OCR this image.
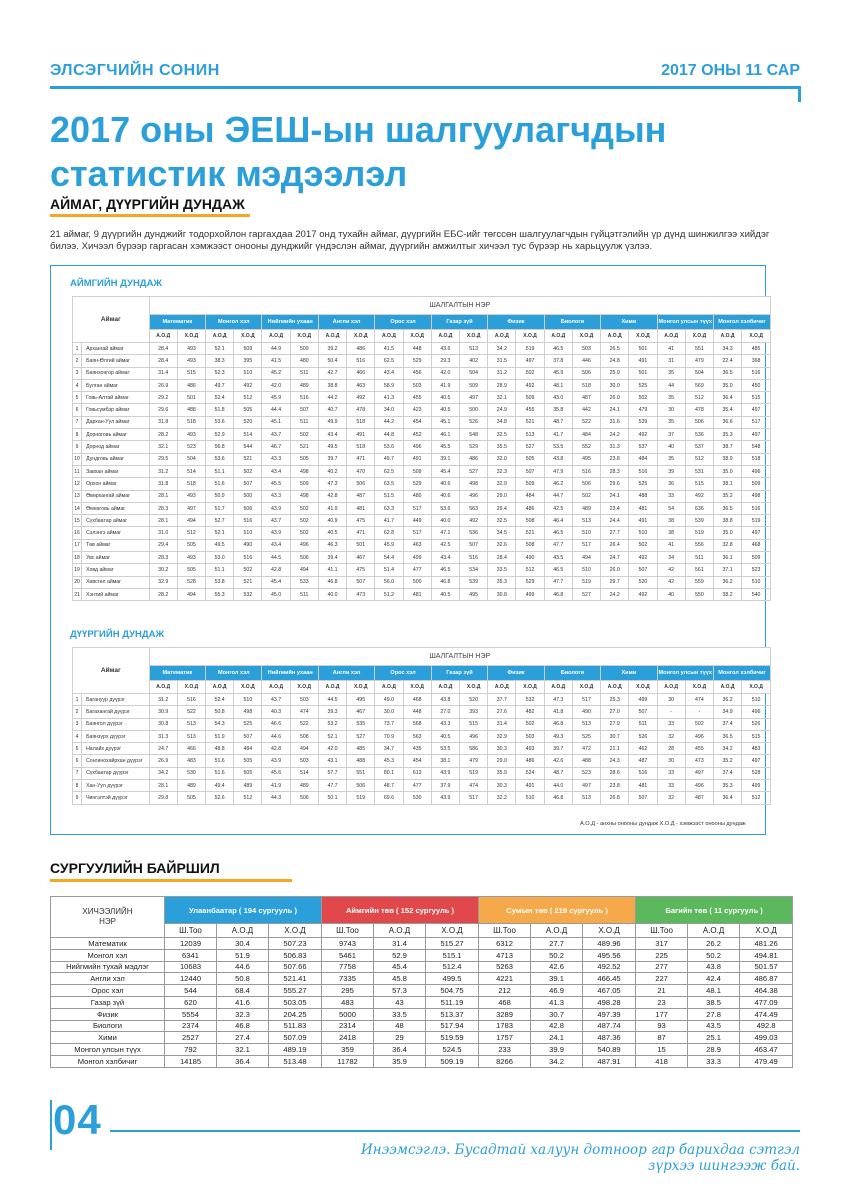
ЭЛСЭГЧИЙН СОНИН	2017 ОНЫ 11 САР
2017 оны ЭЕШ-ын шалгуулагчдын
статистик мэдээлэл
АЙМАГ, ДҮҮРГИЙН ДУНДАЖ
21 аймаг, 9 дүүргийн дунджийг тодорхойлон гаргахдаа 2017 онд тухайн аймаг, дүүргийн ЕБС-ийг төгссөн шалгуулагчдын гүйцэтгэлийн үр дүнд шинжилгээ хийдэг билээ. Хичээл бүрээр гаргасан хэмжээст онооны дунджийг үндэслэн аймаг, дүүргийн амжилтыг хичээл тус бүрээр нь харьцуулж үзлээ.
АЙМГИЙН ДУНДАЖ
Аймаг		ШАЛГАЛТЫН НЭР																					
		Математик		Монгол хэл		Нийгмийн ухаан		Англи хэл		Орос хэл		Газар зүй		Физик		Биологи		Хими		Монгол улсын түүх		Монгол хэлбичиг	
		А.О.Д	Х.О.Д	А.О.Д	Х.О.Д	А.О.Д	Х.О.Д	А.О.Д	Х.О.Д	А.О.Д	Х.О.Д	А.О.Д	Х.О.Д	А.О.Д	Х.О.Д	А.О.Д	Х.О.Д	А.О.Д	Х.О.Д	А.О.Д	Х.О.Д	А.О.Д	Х.О.Д
1	Архангай аймаг	28.4	493	52.1	509	44.9	509	39.2	486	41.5	448	43.6	513	34.2	519	46.5	503	26.5	501	41	551	34.3	485
2	Баян-Өлгий аймаг	28.4	493	38.3	395	41.5	480	50.4	516	62.5	529	29.3	402	31.5	497	37.8	446	24.8	491	31	479	22.4	368
3	Баянхонгор аймаг	31.4	515	52.3	510	45.2	511	42.7	466	43.4	456	42.0	504	31.2	502	45.9	506	25.9	501	35	504	36.5	516
4	Булган аймаг	26.9	486	49.7	492	42.0	489	38.8	463	58.9	503	41.9	509	28.9	492	48.1	518	30.0	525	44	569	35.0	450
5	Говь-Алтай аймаг	29.2	501	52.4	512	45.9	516	44.2	492	41.3	455	40.5	497	32.1	509	43.0	487	26.0	502	35	512	36.4	515
6	Говьсүмбэр аймаг	29.6	488	51.8	505	44.4	507	40.7	478	34.0	423	40.5	500	24.9	455	35.8	442	24.1	479	30	478	35.4	497
7	Дархан-Уул аймаг	31.8	518	53.6	520	45.1	511	49.9	518	44.2	454	45.1	526	34.8	521	48.7	522	31.6	539	35	506	36.6	517
8	Дорноговь аймаг	28.2	493	52.9	514	43.7	502	43.4	491	44.8	452	46.1	548	32.5	513	41.7	484	24.2	492	37	536	35.3	497
9	Дорнод аймаг	32.1	523	56.8	544	46.7	521	49.5	518	53.6	496	45.5	529	35.5	527	53.5	552	31.3	537	40	537	38.7	548
10	Дундговь аймаг	29.5	504	53.6	521	43.3	505	39.7	471	49.7	491	39.1	486	32.0	505	43.8	495	23.8	484	35	512	38.9	518
11	Завхан аймаг	31.2	514	51.1	502	43.4	498	40.2	470	62.5	509	45.4	527	32.3	507	47.9	516	28.3	516	39	531	35.0	496
12	Орхон аймаг	31.8	518	51.6	507	45.5	509	47.3	506	63.5	529	40.6	498	32.9	509	46.2	506	29.6	525	36	515	38.1	509
13	Өвөрхангай аймаг	28.1	493	50.9	500	43.3	498	42.8	487	51.5	480	40.6	496	29.0	484	44.7	502	24.1	488	33	492	35.2	498
14	Өмнөговь аймаг	28.3	497	51.7	506	43.9	502	41.9	481	63.3	517	53.6	563	29.4	486	42.5	489	23.4	481	54	636	36.5	516
15	Сүхбаатар аймаг	28.1	494	52.7	516	43.7	502	40.9	475	41.7	449	40.0	492	32.5	508	46.4	513	24.4	491	38	539	38.8	519
16	Сэлэнгэ аймаг	31.0	512	52.1	510	43.9	502	40.5	471	62.8	517	47.1	536	34.5	521	46.5	510	27.7	510	38	519	35.0	497
17	Төв аймаг	29.4	505	49.5	490	43.4	496	46.3	501	45.9	463	42.5	507	32.6	508	47.7	517	26.4	502	41	556	32.8	468
18	Увс аймаг	28.3	493	53.0	516	44.5	506	39.4	467	54.4	499	43.4	516	28.4	490	43.5	494	24.7	492	34	511	36.1	509
19	Ховд аймаг	30.2	505	51.1	502	42.8	494	41.1	475	51.4	477	46.5	534	33.5	512	46.5	510	26.0	507	42	561	37.1	523
20	Хөвсгөл аймаг	32.9	528	53.8	521	45.4	533	46.8	507	56.0	500	46.8	539	35.3	529	47.7	519	29.7	520	42	559	36.2	510
21	Хэнтий аймаг	28.2	494	55.3	532	45.0	511	40.0	473	51.2	481	40.5	495	30.8	499	46.8	527	24.2	492	40	550	38.2	540
ДҮҮРГИЙН ДУНДАЖ
Аймаг		ШАЛГАЛТЫН НЭР																					
		Математик		Монгол хэл		Нийгмийн ухаан		Англи хэл		Орос хэл		Газар зүй		Физик		Биологи		Хими		Монгол улсын түүх		Монгол хэлбичиг	
		А.О.Д	Х.О.Д	А.О.Д	Х.О.Д	А.О.Д	Х.О.Д	А.О.Д	Х.О.Д	А.О.Д	Х.О.Д	А.О.Д	Х.О.Д	А.О.Д	Х.О.Д	А.О.Д	Х.О.Д	А.О.Д	Х.О.Д	А.О.Д	Х.О.Д	А.О.Д	Х.О.Д
1	Багануур дүүрэг	31.2	516	52.4	510	43.7	503	44.5	495	49.0	468	43.8	520	37.7	532	47.3	517	25.3	499	30	474	36.2	510
2	Багахангай дүүрэг	30.9	522	50.8	498	40.3	474	39.3	467	30.0	448	27.0	393	27.6	482	41.8	490	27.0	507	-	-	34.9	496
3	Баянгол дүүрэг	30.8	513	54.3	525	46.6	522	53.2	535	73.7	568	43.3	515	31.4	502	46.8	513	27.9	511	33	502	37.4	526
4	Баянзүрх дүүрэг	31.3	513	51.9	507	44.6	508	52.1	527	70.9	563	40.5	496	32.9	503	49.3	525	30.7	526	32	496	36.5	515
5	Налайх дүүрэг	24.7	466	48.8	484	42.8	494	42.0	485	34.7	435	53.5	586	30.3	493	39.7	472	21.1	462	28	455	34.2	483
6	Сонгинохайрхан дүүрэг	26.9	483	51.6	505	43.9	503	43.1	488	45.3	454	38.1	479	29.0	486	42.6	488	24.3	487	30	473	35.2	497
7	Сүхбаатар дүүрэг	34.2	530	51.6	505	45.6	514	57.7	551	80.1	613	43.9	519	35.9	524	48.7	523	28.6	516	33	497	37.4	528
8	Хан-Уул дүүрэг	28.1	489	49.4	489	41.9	489	47.7	506	48.7	477	37.9	474	30.3	491	44.0	497	23.8	481	33	496	35.3	499
9	Чингэлтэй дүүрэг	29.8	505	52.6	512	44.3	506	50.1	519	69.6	530	43.9	517	32.2	510	46.8	513	26.8	507	32	487	36.4	512
А.О.Д - анхны онооны дундаж Х.О.Д - хэмжээст онооны дундаж
СУРГУУЛИЙН БАЙРШИЛ
ХИЧЭЭЛИЙН НЭР	Улаанбаатар ( 194 сургууль )			Аймгийн төв ( 152 сургууль )			Сумын төв ( 219 сургууль )			Багийн төв ( 11 сургууль )		
	Ш.Тоо	А.О.Д	Х.О.Д	Ш.Тоо	А.О.Д	Х.О.Д	Ш.Тоо	А.О.Д	Х.О.Д	Ш.Тоо	А.О.Д	Х.О.Д
Математик	12039	30.4	507.23	9743	31.4	515.27	6312	27.7	489.96	317	26.2	481.26
Монгол хэл	6341	51.9	506.83	5461	52.9	515.1	4713	50.2	495.56	225	50.2	494.81
Нийгмийн тухай мэдлэг	10683	44.6	507.66	7758	45.4	512.4	5263	42.6	492.52	277	43.8	501.57
Англи хэл	12440	50.8	521.41	7335	45.8	499.5	4221	39.1	466.45	227	42.4	486.87
Орос хэл	544	68.4	555.27	295	57.3	504.75	212	46.9	467.05	21	48.1	464.38
Газар зүй	620	41.6	503.05	483	43	511.19	468	41.3	498.28	23	38.5	477.09
Физик	5554	32.3	204.25	5000	33.5	513.37	3289	30.7	497.39	177	27.8	474.49
Биологи	2374	46.8	511.83	2314	48	517.94	1783	42.8	487.74	93	43.5	492.8
Хими	2527	27.4	507.09	2418	29	519.59	1757	24.1	487.36	87	25.1	499.03
Монгол улсын түүх	792	32.1	489.19	359	36.4	524.5	233	39.9	540.89	15	28.9	463.47
Монгол хэлбичиг	14185	36.4	513.48	11782	35.9	509.19	8266	34.2	487.91	418	33.3	479.49
04
Инээмсэглэ. Бусадтай халуун дотноор гар барихдаа сэтгэл зүрхээ шингээж бай.
